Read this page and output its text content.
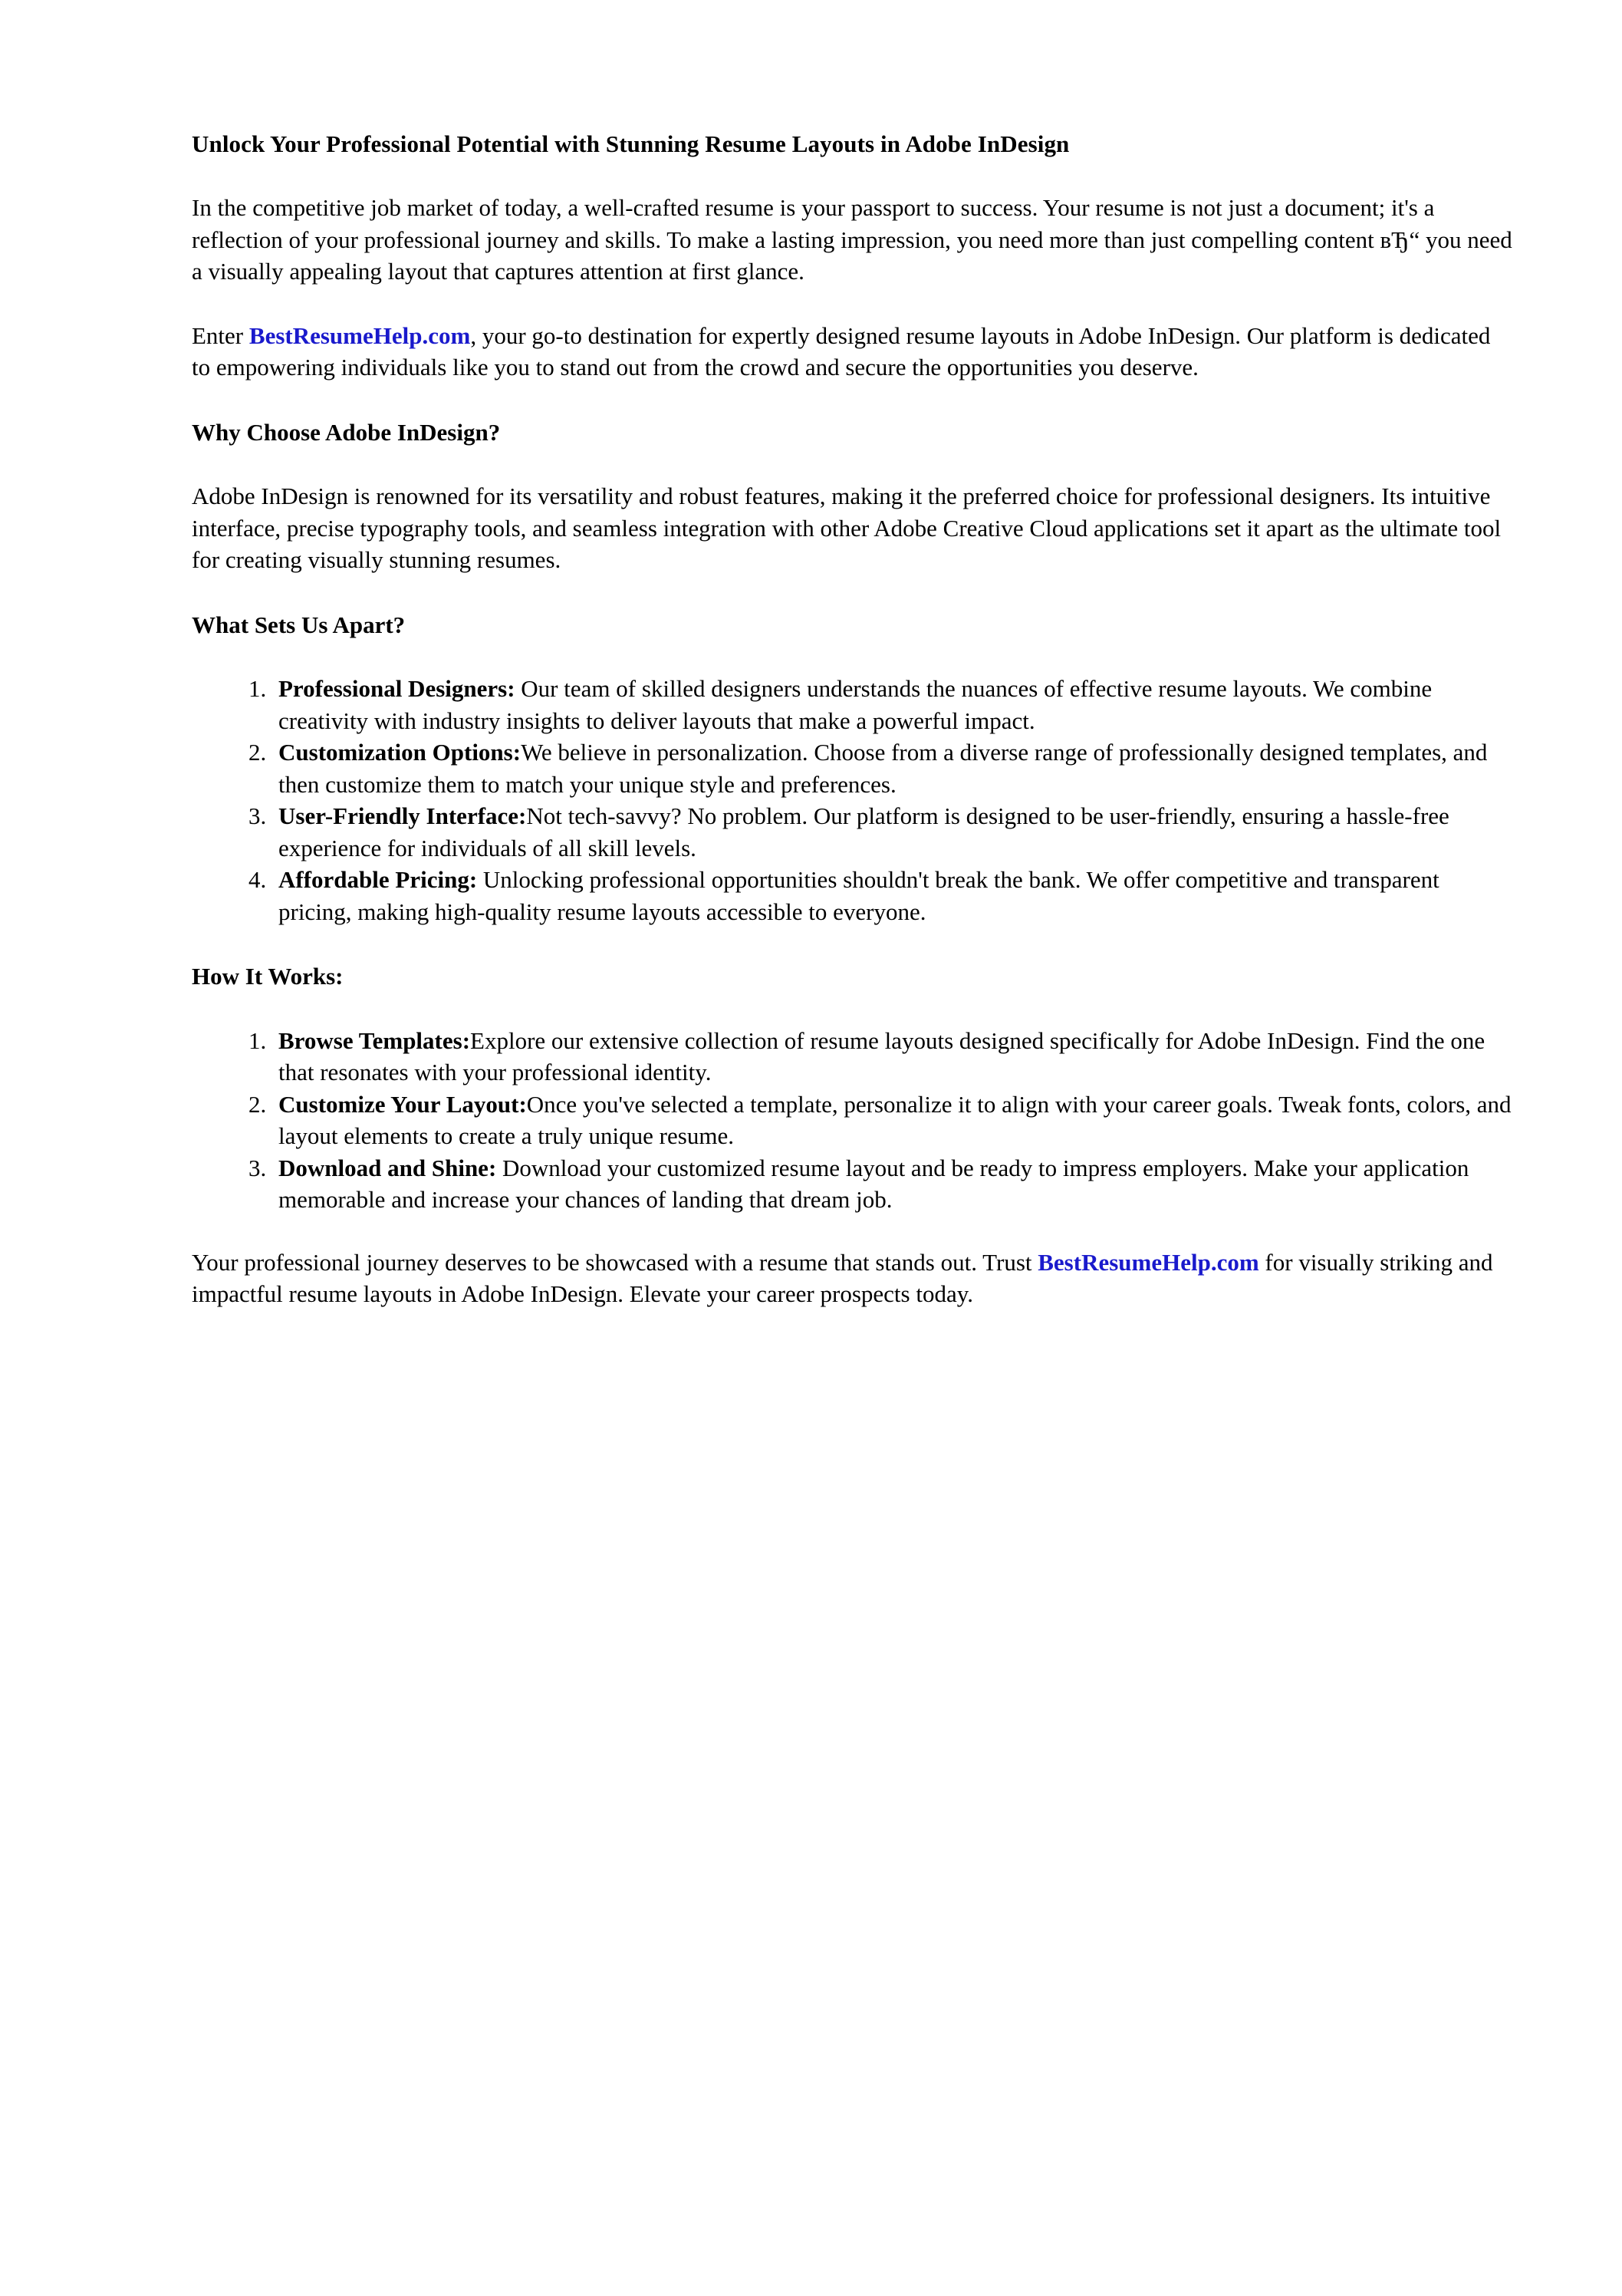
Unlock Your Professional Potential with Stunning Resume Layouts in Adobe InDesign

In the competitive job market of today, a well-crafted resume is your passport to success. Your resume is not just a document; it's a reflection of your professional journey and skills. To make a lasting impression, you need more than just compelling content вЂ“ you need a visually appealing layout that captures attention at first glance.

Enter BestResumeHelp.com, your go-to destination for expertly designed resume layouts in Adobe InDesign. Our platform is dedicated to empowering individuals like you to stand out from the crowd and secure the opportunities you deserve.

Why Choose Adobe InDesign?

Adobe InDesign is renowned for its versatility and robust features, making it the preferred choice for professional designers. Its intuitive interface, precise typography tools, and seamless integration with other Adobe Creative Cloud applications set it apart as the ultimate tool for creating visually stunning resumes.

What Sets Us Apart?
1. Professional Designers: Our team of skilled designers understands the nuances of effective resume layouts. We combine creativity with industry insights to deliver layouts that make a powerful impact.
2. Customization Options:We believe in personalization. Choose from a diverse range of professionally designed templates, and then customize them to match your unique style and preferences.
3. User-Friendly Interface:Not tech-savvy? No problem. Our platform is designed to be user-friendly, ensuring a hassle-free experience for individuals of all skill levels.
4. Affordable Pricing: Unlocking professional opportunities shouldn't break the bank. We offer competitive and transparent pricing, making high-quality resume layouts accessible to everyone.
How It Works:
1. Browse Templates:Explore our extensive collection of resume layouts designed specifically for Adobe InDesign. Find the one that resonates with your professional identity.
2. Customize Your Layout:Once you've selected a template, personalize it to align with your career goals. Tweak fonts, colors, and layout elements to create a truly unique resume.
3. Download and Shine: Download your customized resume layout and be ready to impress employers. Make your application memorable and increase your chances of landing that dream job.

Your professional journey deserves to be showcased with a resume that stands out. Trust BestResumeHelp.com for visually striking and impactful resume layouts in Adobe InDesign. Elevate your career prospects today.
